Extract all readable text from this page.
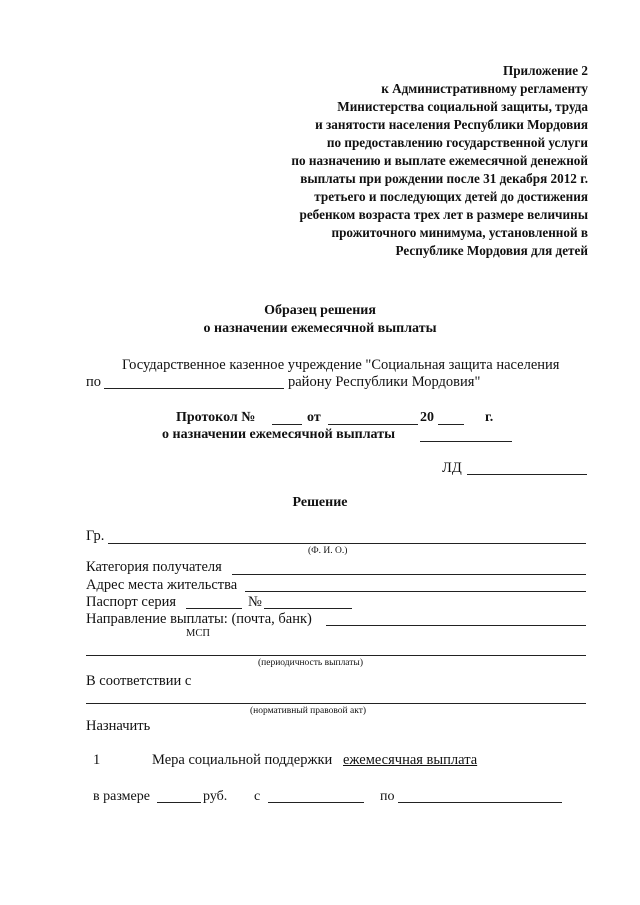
Приложение 2
к Административному регламенту
Министерства социальной защиты, труда
и занятости населения Республики Мордовия
по предоставлению государственной услуги
по назначению и выплате ежемесячной денежной
выплаты при рождении после 31 декабря 2012 г.
третьего и последующих детей до достижения
ребенком возраста трех лет в размере величины
прожиточного минимума, установленной в
Республике Мордовия для детей
Образец решения
о назначении ежемесячной выплаты
Государственное казенное учреждение "Социальная защита населения
по	району Республики Мордовия"
Протокол №	от	20	г.
о назначении ежемесячной выплаты
ЛД
Решение
Гр.
(Ф. И. О.)
Категория получателя
Адрес места жительства
Паспорт серия	№
Направление выплаты: (почта, банк)
МСП
(периодичность выплаты)
В соответствии с
(нормативный правовой акт)
Назначить
1	Мера социальной поддержки ежемесячная выплата
в размере	руб. с	по
